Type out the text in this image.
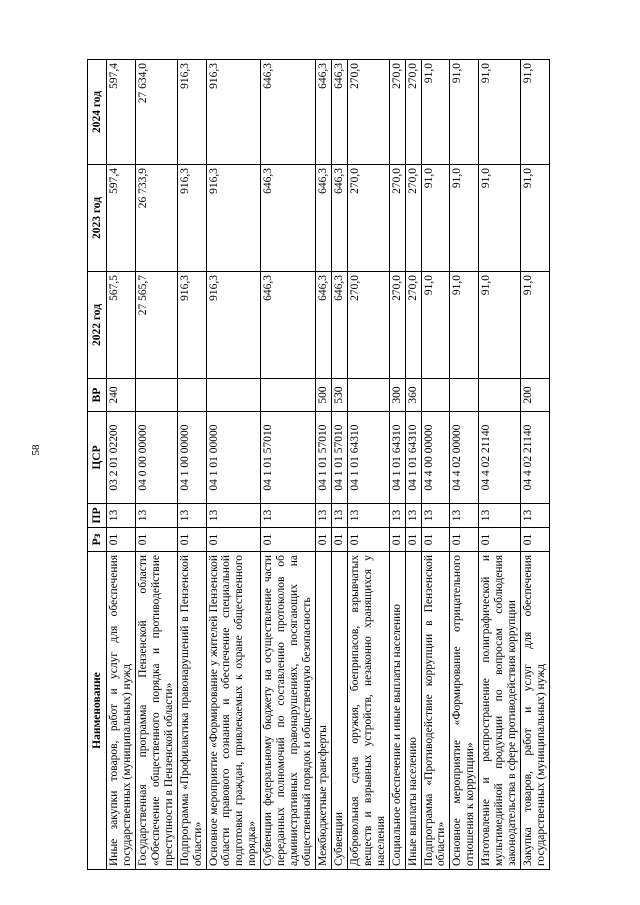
58
Наименование	Рз	ПР	ЦСР	ВР	2022 год	2023 год	2024 год
Иные закупки товаров, работ и услуг для обеспечения государственных (муниципальных) нужд	01	13	03 2 01 02200	240	567,5	597,4	597,4
Государственная программа Пензенской области «Обеспечение общественного порядка и противодействие преступности в Пензенской области»	01	13	04 0 00 00000		27 565,7	26 733,9	27 634,0
Подпрограмма «Профилактика правонарушений в Пензенской области»	01	13	04 1 00 00000		916,3	916,3	916,3
Основное мероприятие «Формирование у жителей Пензенской области правового сознания и обеспечение специальной подготовки граждан, привлекаемых к охране общественного порядка»	01	13	04 1 01 00000		916,3	916,3	916,3
Субвенции федеральному бюджету на осуществление части переданных полномочий по составлению протоколов об административных правонарушениях, посягающих на общественный порядок и общественную безопасность	01	13	04 1 01 57010		646,3	646,3	646,3
Межбюджетные трансферты	01	13	04 1 01 57010	500	646,3	646,3	646,3
Субвенции	01	13	04 1 01 57010	530	646,3	646,3	646,3
Добровольная сдача оружия, боеприпасов, взрывчатых веществ и взрывных устройств, незаконно хранящихся у населения	01	13	04 1 01 64310		270,0	270,0	270,0
Социальное обеспечение и иные выплаты населению	01	13	04 1 01 64310	300	270,0	270,0	270,0
Иные выплаты населению	01	13	04 1 01 64310	360	270,0	270,0	270,0
Подпрограмма «Противодействие коррупции в Пензенской области»	01	13	04 4 00 00000		91,0	91,0	91,0
Основное мероприятие «Формирование отрицательного отношения к коррупции»	01	13	04 4 02 00000		91,0	91,0	91,0
Изготовление и распространение полиграфической и мультимедийной продукции по вопросам соблюдения законодательства в сфере противодействия коррупции	01	13	04 4 02 21140		91,0	91,0	91,0
Закупка товаров, работ и услуг для обеспечения государственных (муниципальных) нужд	01	13	04 4 02 21140	200	91,0	91,0	91,0
